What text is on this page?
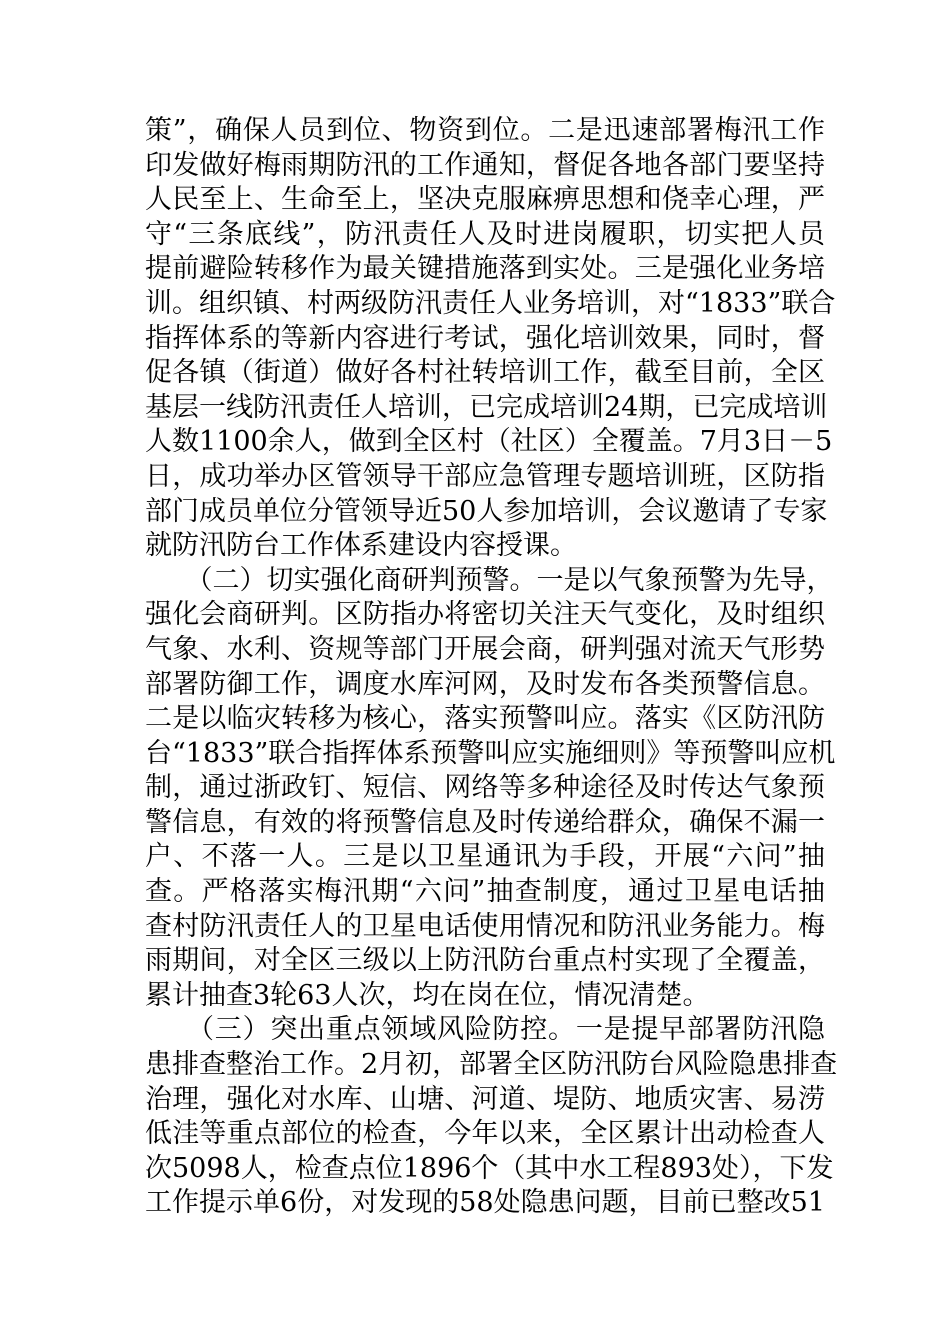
策”，确保人员到位、物资到位。二是迅速部署梅汛工作
印发做好梅雨期防汛的工作通知，督促各地各部门要坚持
人民至上、生命至上，坚决克服麻痹思想和侥幸心理，严
守“三条底线”，防汛责任人及时进岗履职，切实把人员
提前避险转移作为最关键措施落到实处。三是强化业务培
训。组织镇、村两级防汛责任人业务培训，对“1833”联合
指挥体系的等新内容进行考试，强化培训效果，同时，督
促各镇（街道）做好各村社转培训工作，截至目前，全区
基层一线防汛责任人培训，已完成培训24期，已完成培训
人数1100余人，做到全区村（社区）全覆盖。7月3日－5
日，成功举办区管领导干部应急管理专题培训班，区防指
部门成员单位分管领导近50人参加培训，会议邀请了专家
就防汛防台工作体系建设内容授课。
　　（二）切实强化商研判预警。一是以气象预警为先导，
强化会商研判。区防指办将密切关注天气变化，及时组织
气象、水利、资规等部门开展会商，研判强对流天气形势
部署防御工作，调度水库河网，及时发布各类预警信息。
二是以临灾转移为核心，落实预警叫应。落实《区防汛防
台“1833”联合指挥体系预警叫应实施细则》等预警叫应机
制，通过浙政钉、短信、网络等多种途径及时传达气象预
警信息，有效的将预警信息及时传递给群众，确保不漏一
户、不落一人。三是以卫星通讯为手段，开展“六问”抽
查。严格落实梅汛期“六问”抽查制度，通过卫星电话抽
查村防汛责任人的卫星电话使用情况和防汛业务能力。梅
雨期间，对全区三级以上防汛防台重点村实现了全覆盖，
累计抽查3轮63人次，均在岗在位，情况清楚。
　　（三）突出重点领域风险防控。一是提早部署防汛隐
患排查整治工作。2月初，部署全区防汛防台风险隐患排查
治理，强化对水库、山塘、河道、堤防、地质灾害、易涝
低洼等重点部位的检查，今年以来，全区累计出动检查人
次5098人，检查点位1896个（其中水工程893处），下发
工作提示单6份，对发现的58处隐患问题，目前已整改51
